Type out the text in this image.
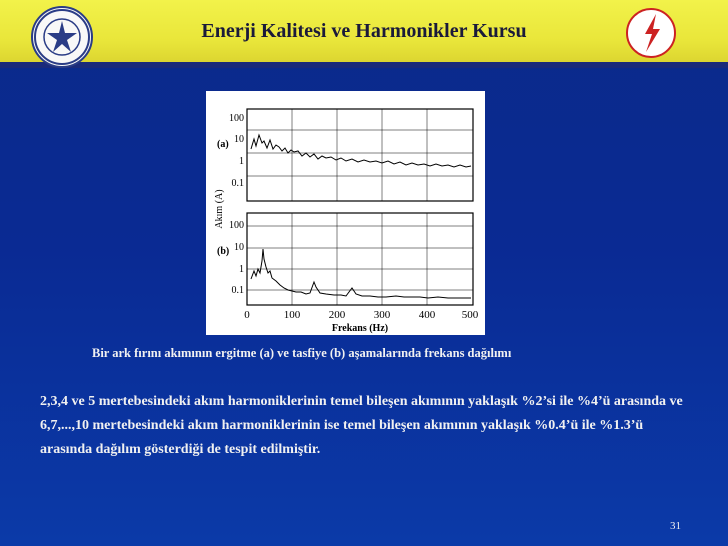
Enerji Kalitesi ve Harmonikler Kursu
100
10
1
0.1
100
10
1
0.1
(a)
(b)
Akım (A)
0	100	200	300	400 500
Frekans (Hz)
Bir ark fırını akımının ergitme (a) ve tasfiye (b) aşamalarında frekans dağılımı
2,3,4 ve 5 mertebesindeki akım harmoniklerinin temel bileşen akımının yaklaşık %2’si ile %4’ü arasında ve 6,7,...,10 mertebesindeki akım harmoniklerinin ise temel bileşen akımının yaklaşık %0.4’ü ile %1.3’ü arasında dağılım gösterdiği de tespit edilmiştir.
31
